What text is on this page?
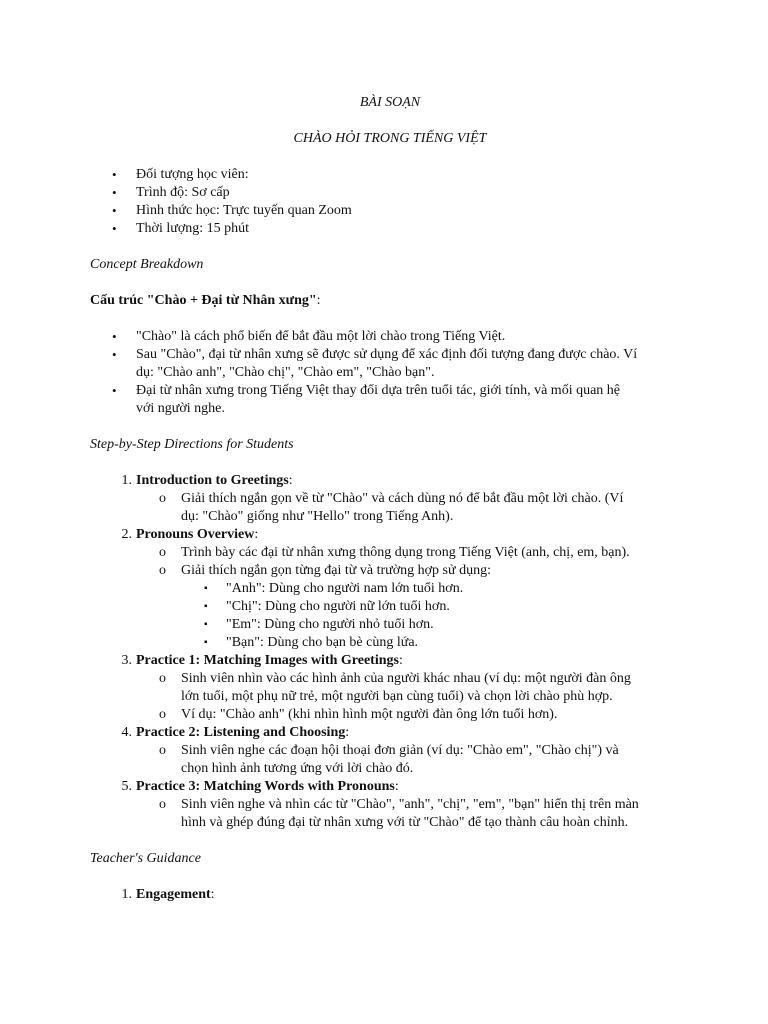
BÀI SOẠN
CHÀO HỎI TRONG TIẾNG VIỆT
• Đối tượng học viên:
• Trình độ: Sơ cấp
• Hình thức học: Trực tuyến quan Zoom
• Thời lượng: 15 phút
Concept Breakdown
Cấu trúc "Chào + Đại từ Nhân xưng":
• "Chào" là cách phổ biến để bắt đầu một lời chào trong Tiếng Việt.
• Sau "Chào", đại từ nhân xưng sẽ được sử dụng để xác định đối tượng đang được chào. Ví
dụ: "Chào anh", "Chào chị", "Chào em", "Chào bạn".
• Đại từ nhân xưng trong Tiếng Việt thay đổi dựa trên tuổi tác, giới tính, và mối quan hệ
với người nghe.
Step-by-Step Directions for Students
1. Introduction to Greetings:
o Giải thích ngắn gọn về từ "Chào" và cách dùng nó để bắt đầu một lời chào. (Ví
dụ: "Chào" giống như "Hello" trong Tiếng Anh).
2. Pronouns Overview:
o Trình bày các đại từ nhân xưng thông dụng trong Tiếng Việt (anh, chị, em, bạn).
o Giải thích ngắn gọn từng đại từ và trường hợp sử dụng:
▪ "Anh": Dùng cho người nam lớn tuổi hơn.
▪ "Chị": Dùng cho người nữ lớn tuổi hơn.
▪ "Em": Dùng cho người nhỏ tuổi hơn.
▪ "Bạn": Dùng cho bạn bè cùng lứa.
3. Practice 1: Matching Images with Greetings:
o Sinh viên nhìn vào các hình ảnh của người khác nhau (ví dụ: một người đàn ông
lớn tuổi, một phụ nữ trẻ, một người bạn cùng tuổi) và chọn lời chào phù hợp.
o Ví dụ: "Chào anh" (khi nhìn hình một người đàn ông lớn tuổi hơn).
4. Practice 2: Listening and Choosing:
o Sinh viên nghe các đoạn hội thoại đơn giản (ví dụ: "Chào em", "Chào chị") và
chọn hình ảnh tương ứng với lời chào đó.
5. Practice 3: Matching Words with Pronouns:
o Sinh viên nghe và nhìn các từ "Chào", "anh", "chị", "em", "bạn" hiển thị trên màn
hình và ghép đúng đại từ nhân xưng với từ "Chào" để tạo thành câu hoàn chỉnh.
Teacher's Guidance
1. Engagement:
